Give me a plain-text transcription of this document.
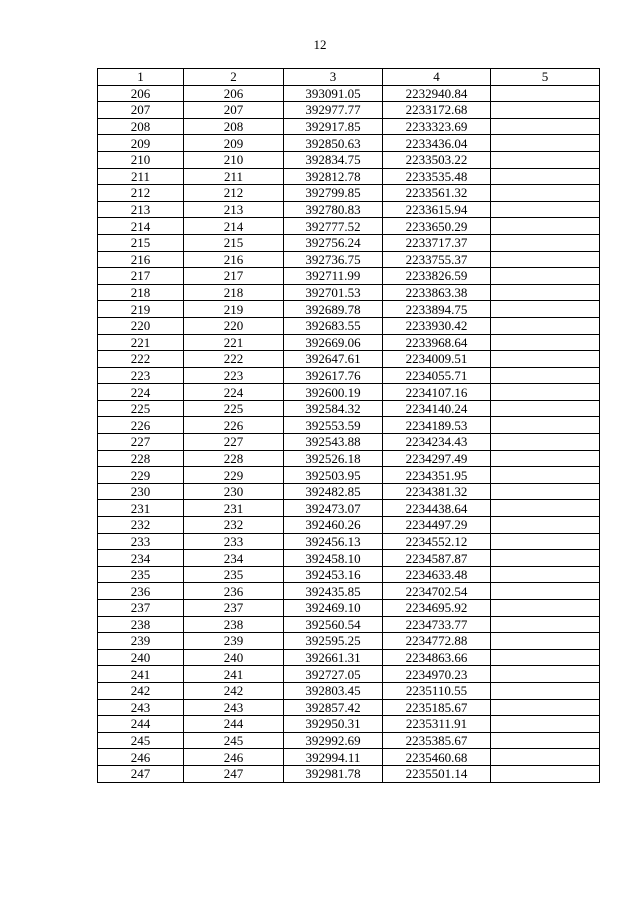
12
1	2	3	4	5
206	206	393091.05	2232940.84	
207	207	392977.77	2233172.68	
208	208	392917.85	2233323.69	
209	209	392850.63	2233436.04	
210	210	392834.75	2233503.22	
211	211	392812.78	2233535.48	
212	212	392799.85	2233561.32	
213	213	392780.83	2233615.94	
214	214	392777.52	2233650.29	
215	215	392756.24	2233717.37	
216	216	392736.75	2233755.37	
217	217	392711.99	2233826.59	
218	218	392701.53	2233863.38	
219	219	392689.78	2233894.75	
220	220	392683.55	2233930.42	
221	221	392669.06	2233968.64	
222	222	392647.61	2234009.51	
223	223	392617.76	2234055.71	
224	224	392600.19	2234107.16	
225	225	392584.32	2234140.24	
226	226	392553.59	2234189.53	
227	227	392543.88	2234234.43	
228	228	392526.18	2234297.49	
229	229	392503.95	2234351.95	
230	230	392482.85	2234381.32	
231	231	392473.07	2234438.64	
232	232	392460.26	2234497.29	
233	233	392456.13	2234552.12	
234	234	392458.10	2234587.87	
235	235	392453.16	2234633.48	
236	236	392435.85	2234702.54	
237	237	392469.10	2234695.92	
238	238	392560.54	2234733.77	
239	239	392595.25	2234772.88	
240	240	392661.31	2234863.66	
241	241	392727.05	2234970.23	
242	242	392803.45	2235110.55	
243	243	392857.42	2235185.67	
244	244	392950.31	2235311.91	
245	245	392992.69	2235385.67	
246	246	392994.11	2235460.68	
247	247	392981.78	2235501.14	
